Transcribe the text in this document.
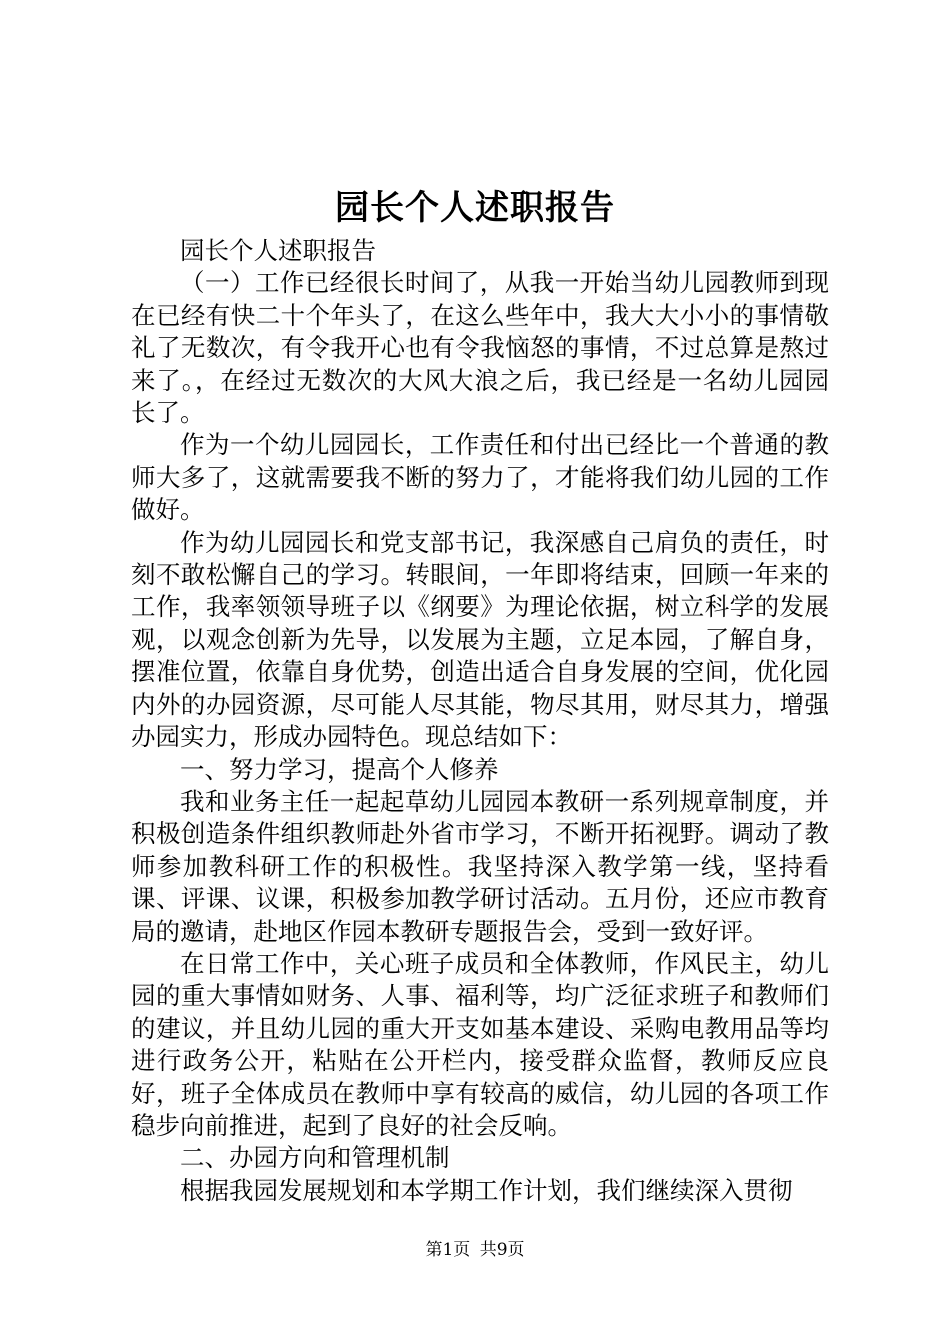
园长个人述职报告

园长个人述职报告

（一）工作已经很长时间了，从我一开始当幼儿园教师到现在已经有快二十个年头了，在这么些年中，我大大小小的事情敬礼了无数次，有令我开心也有令我恼怒的事情，不过总算是熬过来了。，在经过无数次的大风大浪之后，我已经是一名幼儿园园长了。

作为一个幼儿园园长，工作责任和付出已经比一个普通的教师大多了，这就需要我不断的努力了，才能将我们幼儿园的工作做好。

作为幼儿园园长和党支部书记，我深感自己肩负的责任，时刻不敢松懈自己的学习。转眼间，一年即将结束，回顾一年来的工作，我率领领导班子以《纲要》为理论依据，树立科学的发展观，以观念创新为先导，以发展为主题，立足本园，了解自身，摆准位置，依靠自身优势，创造出适合自身发展的空间，优化园内外的办园资源，尽可能人尽其能，物尽其用，财尽其力，增强办园实力，形成办园特色。现总结如下：

一、努力学习，提高个人修养

我和业务主任一起起草幼儿园园本教研一系列规章制度，并积极创造条件组织教师赴外省市学习，不断开拓视野。调动了教师参加教科研工作的积极性。我坚持深入教学第一线，坚持看课、评课、议课，积极参加教学研讨活动。五月份，还应市教育局的邀请，赴地区作园本教研专题报告会，受到一致好评。

在日常工作中，关心班子成员和全体教师，作风民主，幼儿园的重大事情如财务、人事、福利等，均广泛征求班子和教师们的建议，并且幼儿园的重大开支如基本建设、采购电教用品等均进行政务公开，粘贴在公开栏内，接受群众监督，教师反应良好，班子全体成员在教师中享有较高的威信，幼儿园的各项工作稳步向前推进，起到了良好的社会反响。

二、办园方向和管理机制

根据我园发展规划和本学期工作计划，我们继续深入贯彻

第1页 共9页
